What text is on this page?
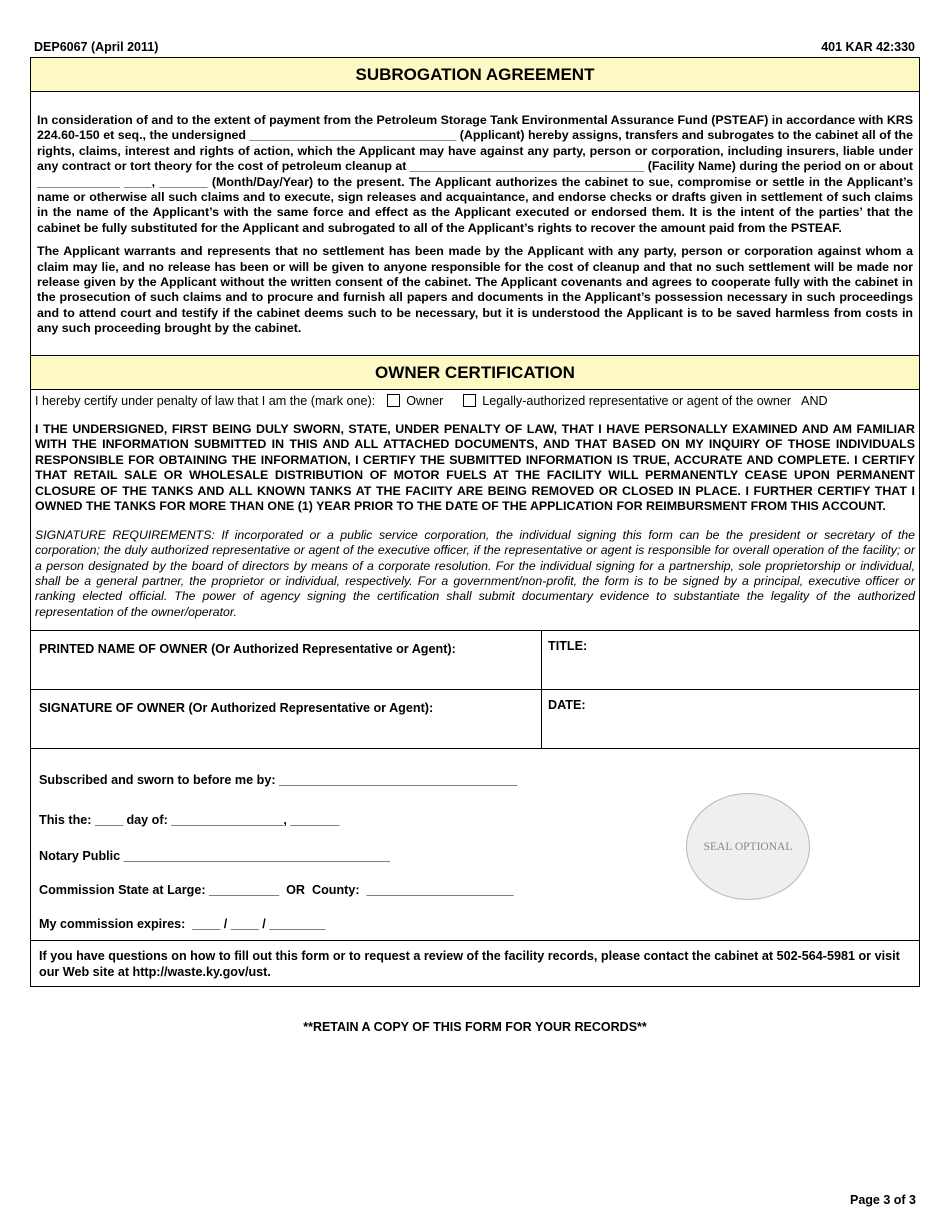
DEP6067 (April 2011)	401 KAR 42:330
SUBROGATION AGREEMENT

In consideration of and to the extent of payment from the Petroleum Storage Tank Environmental Assurance Fund (PSTEAF) in accordance with KRS 224.60-150 et seq., the undersigned ______________________________ (Applicant) hereby assigns, transfers and subrogates to the cabinet all of the rights, claims, interest and rights of action, which the Applicant may have against any party, person or corporation, including insurers, liable under any contract or tort theory for the cost of petroleum cleanup at __________________________________ (Facility Name) during the period on or about ____________ ____, _______ (Month/Day/Year) to the present. The Applicant authorizes the cabinet to sue, compromise or settle in the Applicant’s name or otherwise all such claims and to execute, sign releases and acquaintance, and endorse checks or drafts given in settlement of such claims in the name of the Applicant’s with the same force and effect as the Applicant executed or endorsed them. It is the intent of the parties’ that the cabinet be fully substituted for the Applicant and subrogated to all of the Applicant’s rights to recover the amount paid from the PSTEAF.

The Applicant warrants and represents that no settlement has been made by the Applicant with any party, person or corporation against whom a claim may lie, and no release has been or will be given to anyone responsible for the cost of cleanup and that no such settlement will be made nor release given by the Applicant without the written consent of the cabinet. The Applicant covenants and agrees to cooperate fully with the cabinet in the prosecution of such claims and to procure and furnish all papers and documents in the Applicant’s possession necessary in such proceedings and to attend court and testify if the cabinet deems such to be necessary, but it is understood the Applicant is to be saved harmless from costs in any such proceeding brought by the cabinet.

OWNER CERTIFICATION
I hereby certify under penalty of law that I am the (mark one): Owner	Legally-authorized representative or agent of the owner AND

I THE UNDERSIGNED, FIRST BEING DULY SWORN, STATE, UNDER PENALTY OF LAW, THAT I HAVE PERSONALLY EXAMINED AND AM FAMILIAR WITH THE INFORMATION SUBMITTED IN THIS AND ALL ATTACHED DOCUMENTS, AND THAT BASED ON MY INQUIRY OF THOSE INDIVIDUALS RESPONSIBLE FOR OBTAINING THE INFORMATION, I CERTIFY THE SUBMITTED INFORMATION IS TRUE, ACCURATE AND COMPLETE. I CERTIFY THAT RETAIL SALE OR WHOLESALE DISTRIBUTION OF MOTOR FUELS AT THE FACILITY WILL PERMANENTLY CEASE UPON PERMANENT CLOSURE OF THE TANKS AND ALL KNOWN TANKS AT THE FACIITY ARE BEING REMOVED OR CLOSED IN PLACE. I FURTHER CERTIFY THAT I OWNED THE TANKS FOR MORE THAN ONE (1) YEAR PRIOR TO THE DATE OF THE APPLICATION FOR REIMBURSMENT FROM THIS ACCOUNT.

SIGNATURE REQUIREMENTS: If incorporated or a public service corporation, the individual signing this form can be the president or secretary of the corporation; the duly authorized representative or agent of the executive officer, if the representative or agent is responsible for overall operation of the facility; or a person designated by the board of directors by means of a corporate resolution. For the individual signing for a partnership, sole proprietorship or individual, shall be a general partner, the proprietor or individual, respectively. For a government/non-profit, the form is to be signed by a principal, executive officer or ranking elected official. The power of agency signing the certification shall submit documentary evidence to substantiate the legality of the authorized representation of the owner/operator.

PRINTED NAME OF OWNER (Or Authorized Representative or Agent):	TITLE:
SIGNATURE OF OWNER (Or Authorized Representative or Agent):	DATE:
Subscribed and sworn to before me by: __________________________________
This the: ____ day of: ________________, _______
Notary Public ______________________________________
Commission State at Large: __________  OR  County:  _____________________
My commission expires:  ____ / ____ / ________
SEAL OPTIONAL
If you have questions on how to fill out this form or to request a review of the facility records, please contact the cabinet at 502-564-5981 or visit our Web site at http://waste.ky.gov/ust.
**RETAIN A COPY OF THIS FORM FOR YOUR RECORDS**
Page 3 of 3
